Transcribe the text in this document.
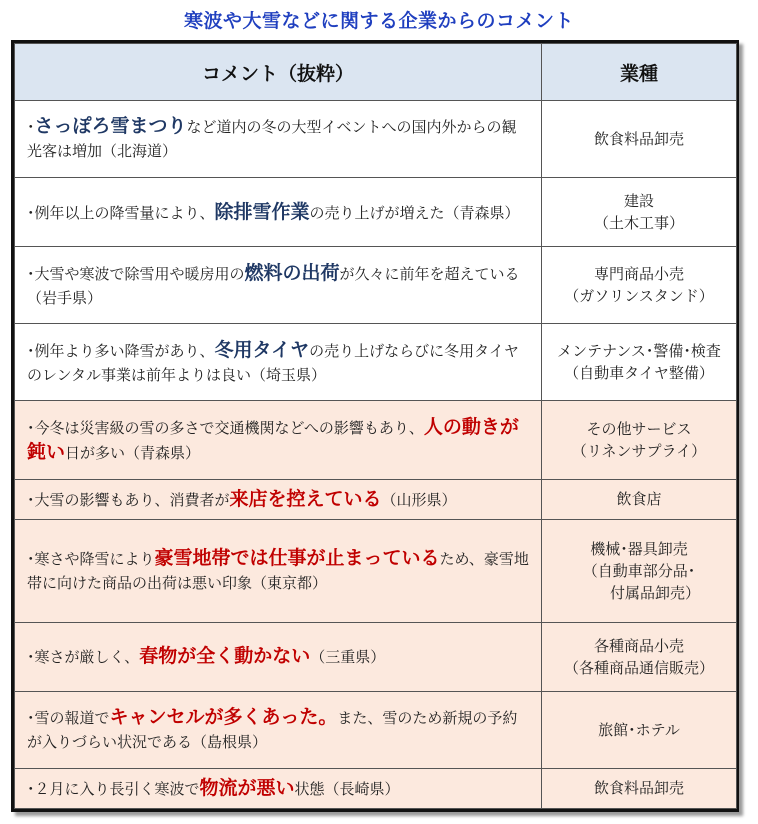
寒波や大雪などに関する企業からのコメント
コメント（抜粋）	業種
･さっぽろ雪まつりなど道内の冬の大型イベントへの国内外からの観光客は増加（北海道）	飲食料品卸売

･例年以上の降雪量により、除排雪作業の売り上げが増えた（青森県）	建設
（土木工事）

･大雪や寒波で除雪用や暖房用の燃料の出荷が久々に前年を超えている（岩手県）	専門商品小売
（ガソリンスタンド）

･例年より多い降雪があり、冬用タイヤの売り上げならびに冬用タイヤのレンタル事業は前年よりは良い（埼玉県）	メンテナンス･警備･検査
（自動車タイヤ整備）

･今冬は災害級の雪の多さで交通機関などへの影響もあり、人の動きが鈍い日が多い（青森県）	その他サービス
（リネンサプライ）

･大雪の影響もあり、消費者が来店を控えている（山形県）	飲食店

･寒さや降雪により豪雪地帯では仕事が止まっているため、豪雪地帯に向けた商品の出荷は悪い印象（東京都）	機械･器具卸売
（自動車部分品･
付属品卸売）

･寒さが厳しく、春物が全く動かない（三重県）	各種商品小売
（各種商品通信販売）

･雪の報道でキャンセルが多くあった。また、雪のため新規の予約が入りづらい状況である（島根県）	旅館･ホテル

･２月に入り長引く寒波で物流が悪い状態（長崎県）	飲食料品卸売
